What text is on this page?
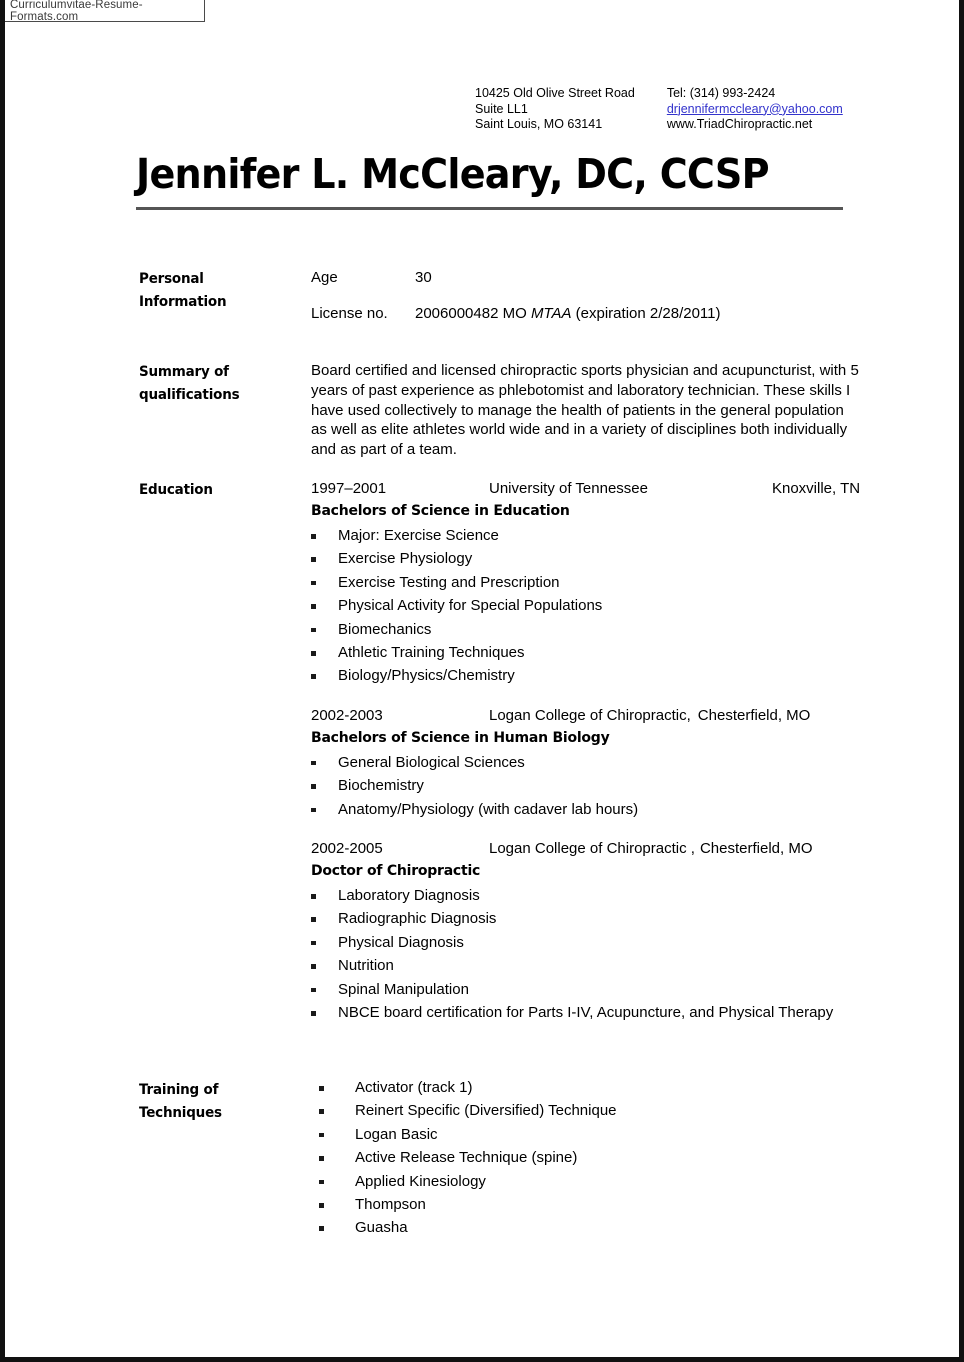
Curriculumvitae-Resume-Formats.com
10425 Old Olive Street Road
Suite LL1
Saint Louis, MO 63141
Tel: (314) 993-2424
drjennifermccleary@yahoo.com
www.TriadChiropractic.net
Jennifer L. McCleary, DC, CCSP
Personal
Information
Age	30
License no.	2006000482 MO MTAA (expiration 2/28/2011)
Summary of
qualifications
Board certified and licensed chiropractic sports physician and acupuncturist, with 5 years of past experience as phlebotomist and laboratory technician. These skills I have used collectively to manage the health of patients in the general population as well as elite athletes world wide and in a variety of disciplines both individually and as part of a team.
Education	1997–2001	University of Tennessee	Knoxville, TN
Bachelors of Science in Education
Major: Exercise Science
Exercise Physiology
Exercise Testing and Prescription
Physical Activity for Special Populations
Biomechanics
Athletic Training Techniques
Biology/Physics/Chemistry
2002-2003	Logan College of Chiropractic, Chesterfield, MO
Bachelors of Science in Human Biology
General Biological Sciences
Biochemistry
Anatomy/Physiology (with cadaver lab hours)
2002-2005	Logan College of Chiropractic , Chesterfield, MO
Doctor of Chiropractic
Laboratory Diagnosis
Radiographic Diagnosis
Physical Diagnosis
Nutrition
Spinal Manipulation
NBCE board certification for Parts I-IV, Acupuncture, and Physical Therapy
Training of
Techniques
Activator (track 1)
Reinert Specific (Diversified) Technique
Logan Basic
Active Release Technique (spine)
Applied Kinesiology
Thompson
Guasha
